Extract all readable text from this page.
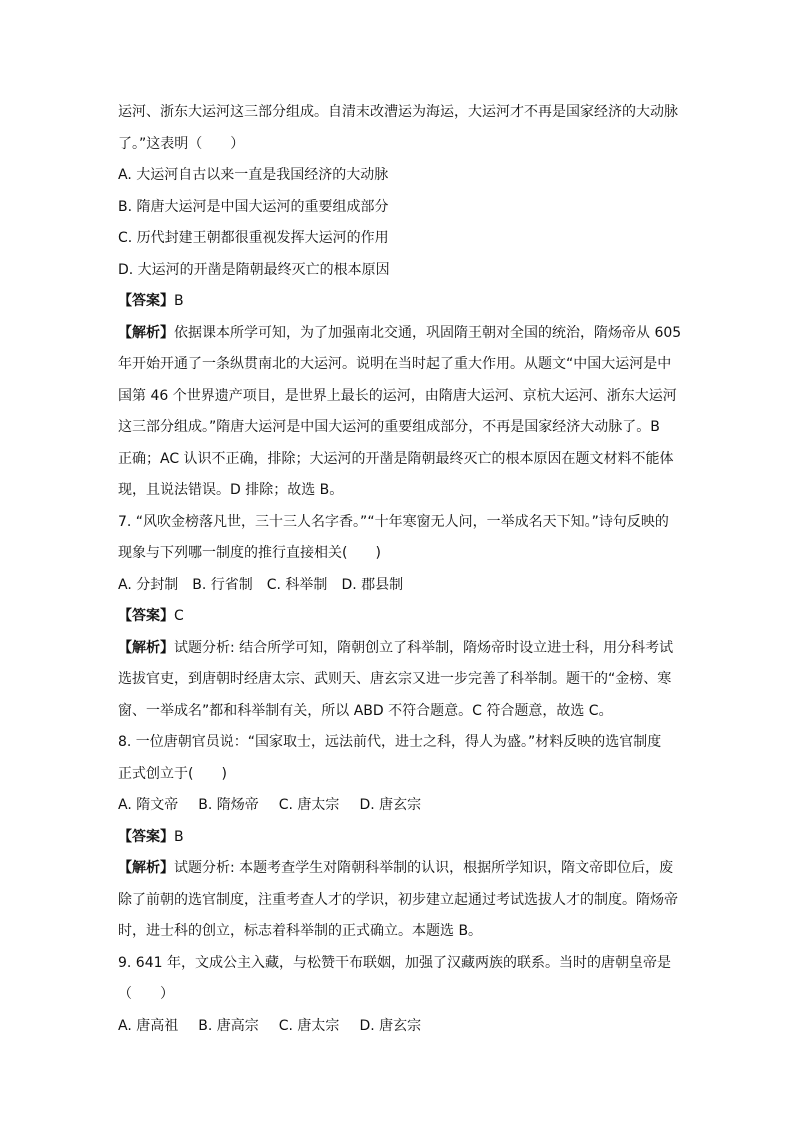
运河、浙东大运河这三部分组成。自清末改漕运为海运，大运河才不再是国家经济的大动脉
了。”这表明（　　）
A. 大运河自古以来一直是我国经济的大动脉
B. 隋唐大运河是中国大运河的重要组成部分
C. 历代封建王朝都很重视发挥大运河的作用
D. 大运河的开凿是隋朝最终灭亡的根本原因
【答案】B
【解析】依据课本所学可知，为了加强南北交通，巩固隋王朝对全国的统治，隋炀帝从 605
年开始开通了一条纵贯南北的大运河。说明在当时起了重大作用。从题文“中国大运河是中
国第 46 个世界遗产项目，是世界上最长的运河，由隋唐大运河、京杭大运河、浙东大运河
这三部分组成。”隋唐大运河是中国大运河的重要组成部分，不再是国家经济大动脉了。B
正确；AC 认识不正确，排除；大运河的开凿是隋朝最终灭亡的根本原因在题文材料不能体
现，且说法错误。D 排除；故选 B。
7. “风吹金榜落凡世，三十三人名字香。”“十年寒窗无人问，一举成名天下知。”诗句反映的
现象与下列哪一制度的推行直接相关(　　)
A. 分封制 B. 行省制 C. 科举制 D. 郡县制
【答案】C
【解析】试题分析: 结合所学可知，隋朝创立了科举制，隋炀帝时设立进士科，用分科考试
选拔官吏，到唐朝时经唐太宗、武则天、唐玄宗又进一步完善了科举制。题干的“金榜、寒
窗、一举成名”都和科举制有关，所以 ABD 不符合题意。C 符合题意，故选 C。
8. 一位唐朝官员说：“国家取士，远法前代，进士之科，得人为盛。”材料反映的选官制度
正式创立于(　　)
A. 隋文帝 B. 隋炀帝 C. 唐太宗 D. 唐玄宗
【答案】B
【解析】试题分析: 本题考查学生对隋朝科举制的认识，根据所学知识，隋文帝即位后，废
除了前朝的选官制度，注重考查人才的学识，初步建立起通过考试选拔人才的制度。隋炀帝
时，进士科的创立，标志着科举制的正式确立。本题选 B。
9. 641 年，文成公主入藏，与松赞干布联姻，加强了汉藏两族的联系。当时的唐朝皇帝是
（　　）
A. 唐高祖 B. 唐高宗 C. 唐太宗 D. 唐玄宗
